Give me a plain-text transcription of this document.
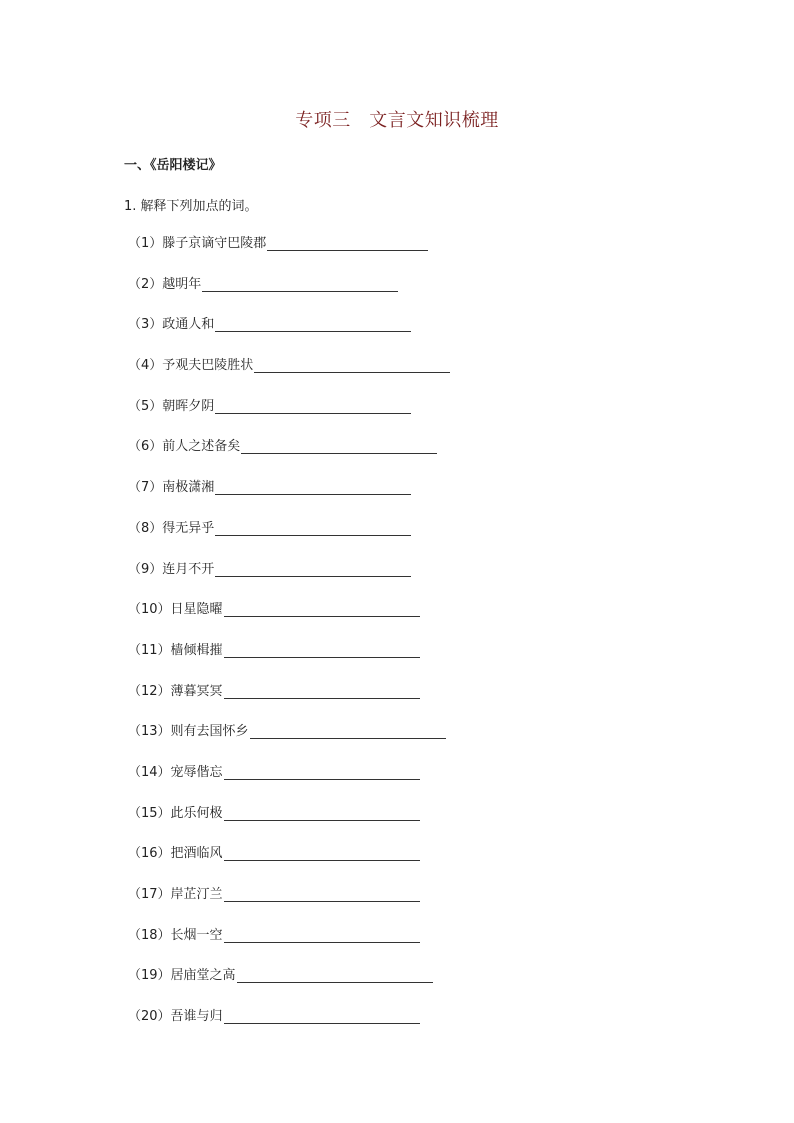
专项三　文言文知识梳理
一、《岳阳楼记》
1. 解释下列加点的词。
（1） 滕子京谪守巴陵郡
（2） 越明年
（3） 政通人和
（4） 予观夫巴陵胜状
（5） 朝晖夕阴
（6） 前人之述备矣
（7） 南极潇湘
（8） 得无异乎
（9） 连月不开
（10） 日星隐曜
（11） 樯倾楫摧
（12） 薄暮冥冥
（13） 则有去国怀乡
（14） 宠辱偕忘
（15） 此乐何极
（16） 把酒临风
（17） 岸芷汀兰
（18） 长烟一空
（19） 居庙堂之高
（20） 吾谁与归
